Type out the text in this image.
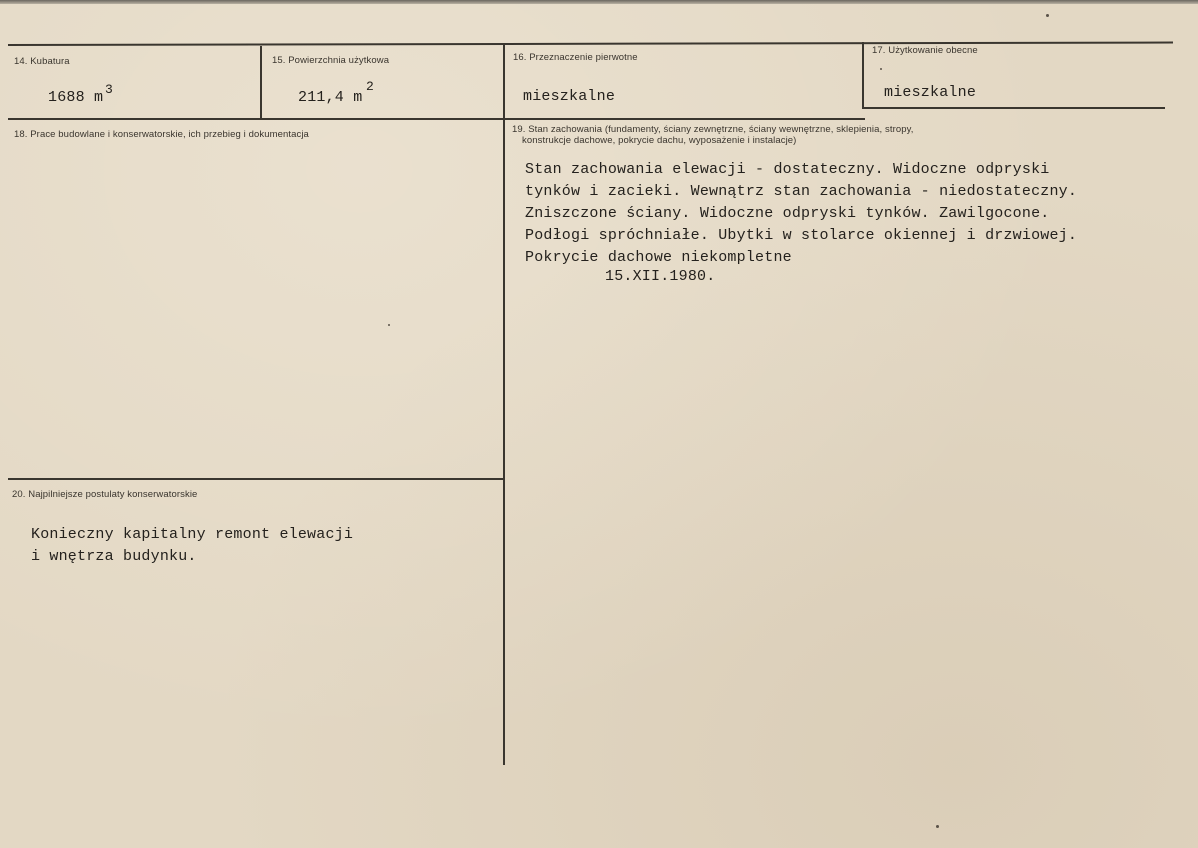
14. Kubatura
1688 m 3
15. Powierzchnia użytkowa
211,4 m
2
16. Przeznaczenie pierwotne
mieszkalne
17. Użytkowanie obecne
mieszkalne
18. Prace budowlane i konserwatorskie, ich przebieg i dokumentacja	19. Stan zachowania (fundamenty, ściany zewnętrzne, ściany wewnętrzne, sklepienia, stropy,
konstrukcje dachowe, pokrycie dachu, wyposażenie i instalacje)
Stan zachowania elewacji - dostateczny. Widoczne odpryski
tynków i zacieki. Wewnątrz stan zachowania - niedostateczny.
Zniszczone ściany. Widoczne odpryski tynków. Zawilgocone.
Podłogi spróchniałe. Ubytki w stolarce okiennej i drzwiowej.
Pokrycie dachowe niekompletne
15.XII.1980.
20. Najpilniejsze postulaty konserwatorskie
Konieczny kapitalny remont elewacji
i wnętrza budynku.
